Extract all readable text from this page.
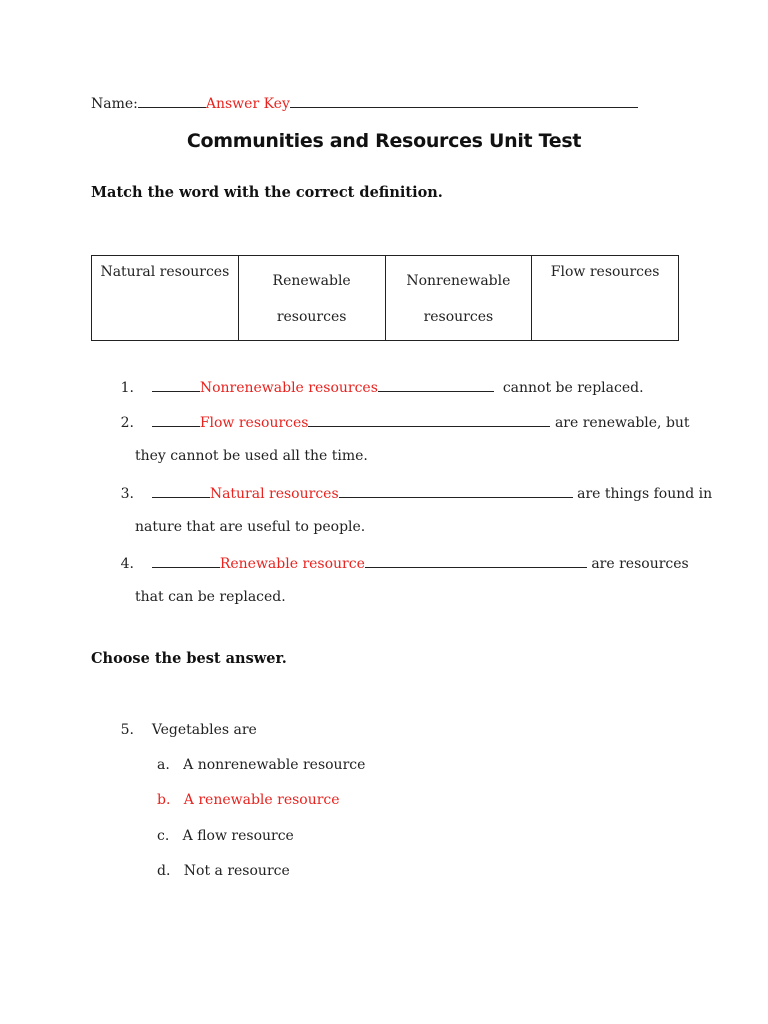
Name:	Answer Key
Communities and Resources Unit Test
Match the word with the correct definition.
Natural resources	Renewable resources	Nonrenewable resources	Flow resources
1.	Nonrenewable resources	cannot be replaced.
2.	Flow resources	are renewable, but
they cannot be used all the time.
3.	Natural resources	are things found in
nature that are useful to people.
4.	Renewable resource	are resources
that can be replaced.
Choose the best answer.
5. Vegetables are
a. A nonrenewable resource
b. A renewable resource
c. A flow resource
d. Not a resource
